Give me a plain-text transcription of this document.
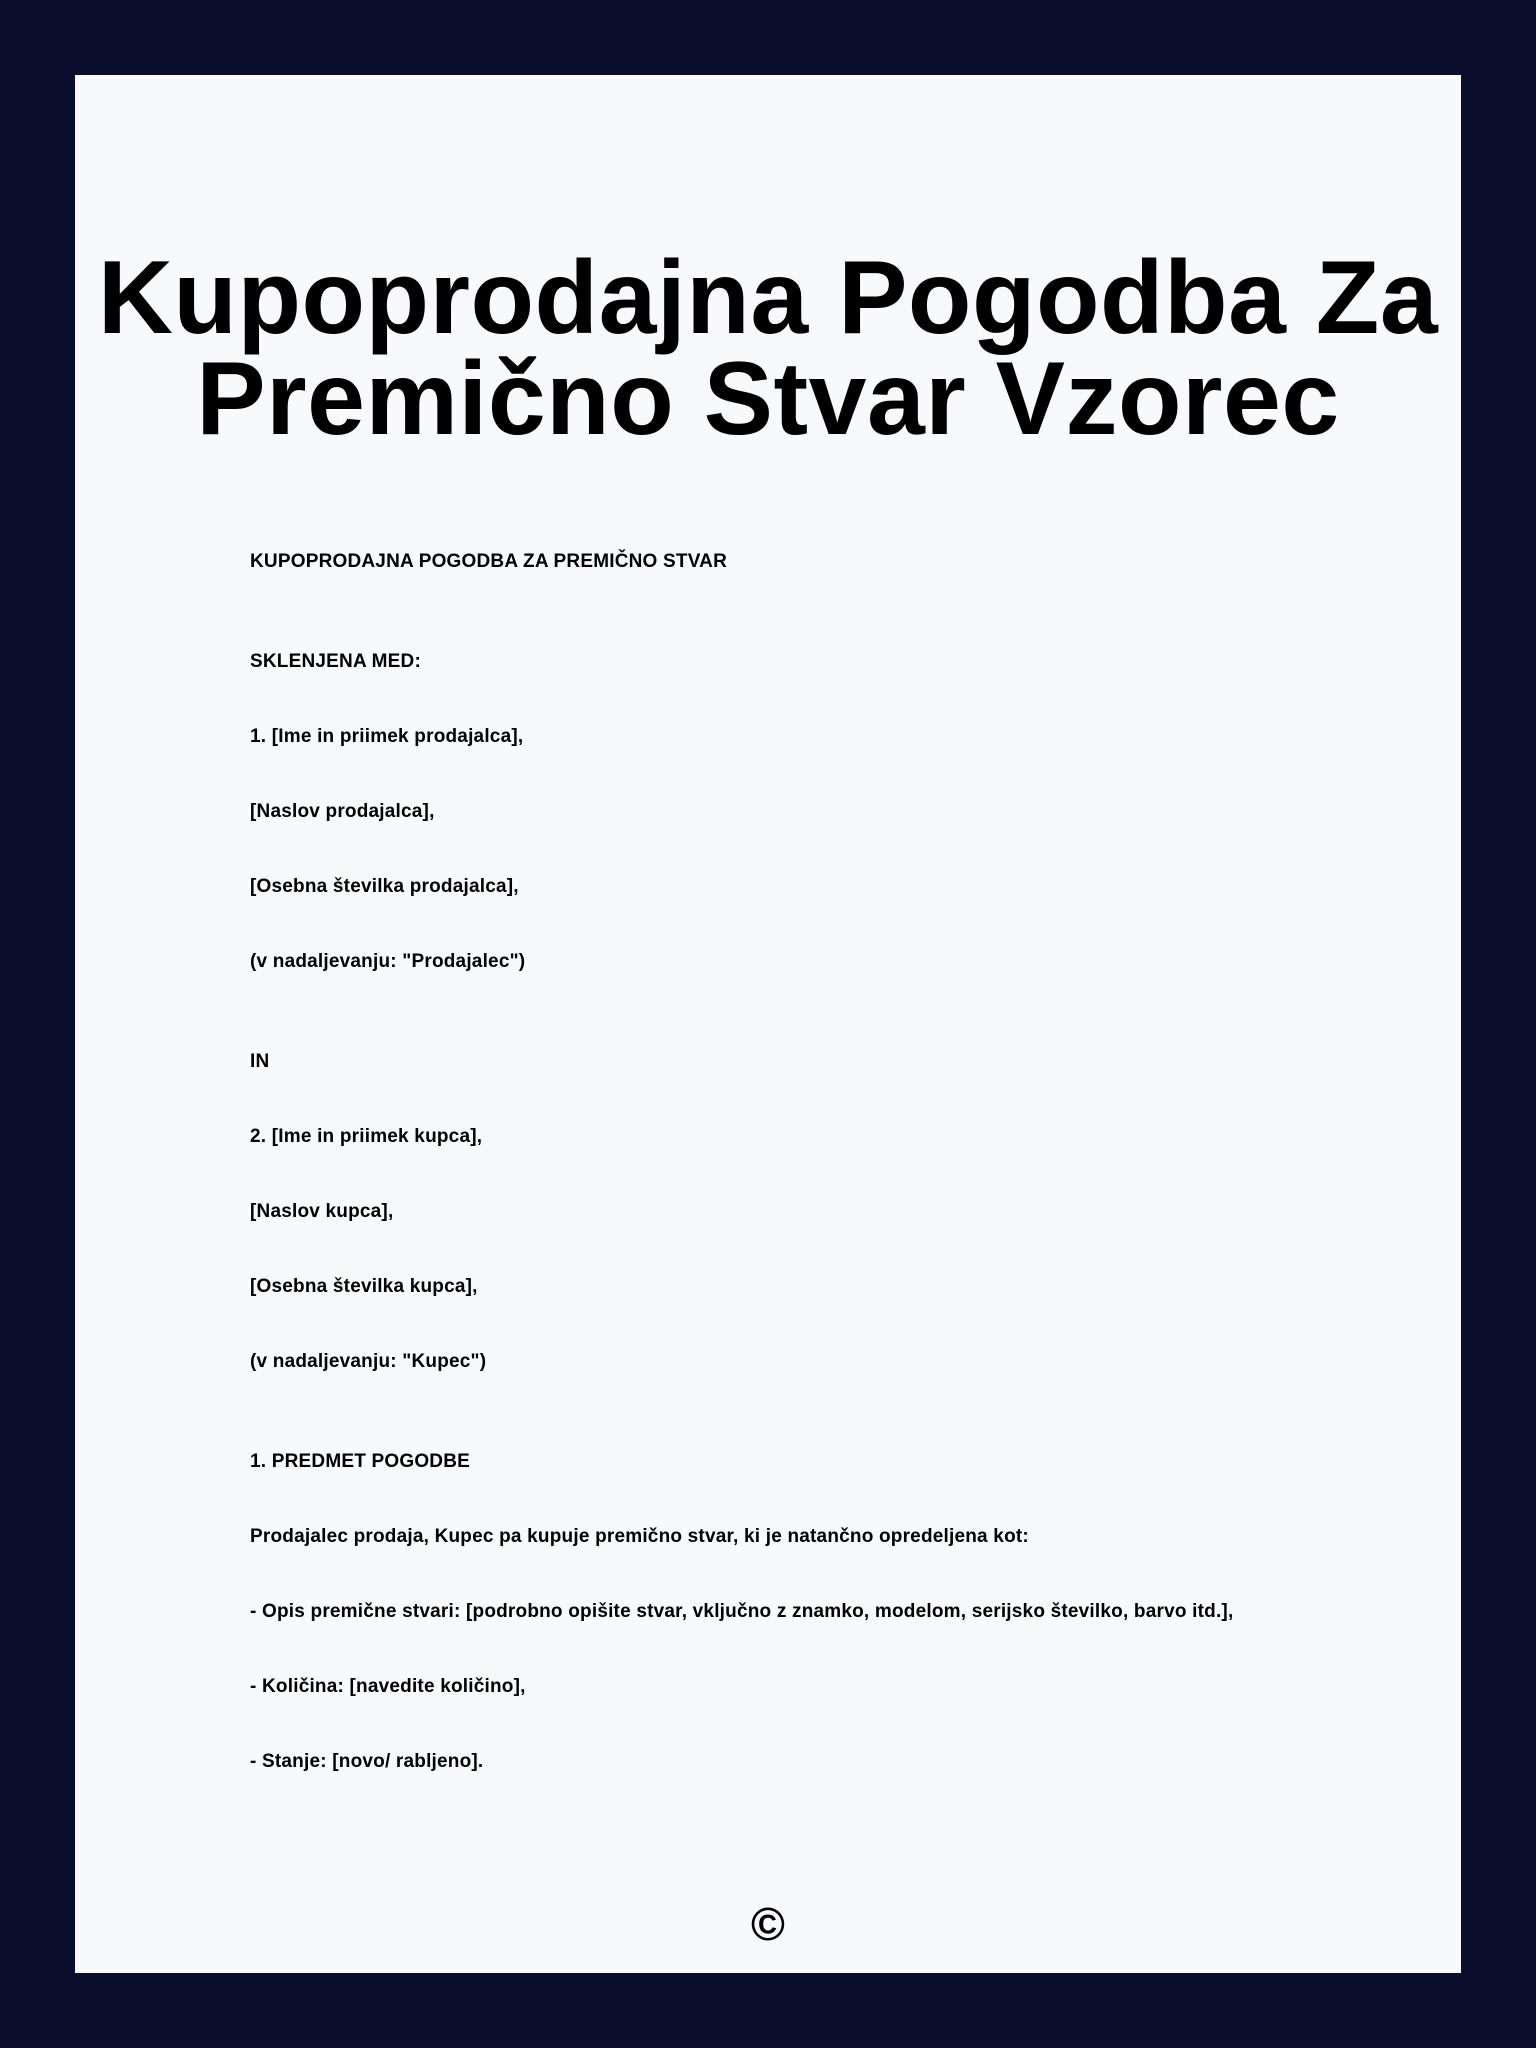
Kupoprodajna Pogodba Za
Premično Stvar Vzorec
KUPOPRODAJNA POGODBA ZA PREMIČNO STVAR
SKLENJENA MED:
1. [Ime in priimek prodajalca],
[Naslov prodajalca],
[Osebna številka prodajalca],
(v nadaljevanju: "Prodajalec")
IN
2. [Ime in priimek kupca],
[Naslov kupca],
[Osebna številka kupca],
(v nadaljevanju: "Kupec")
1. PREDMET POGODBE
Prodajalec prodaja, Kupec pa kupuje premično stvar, ki je natančno opredeljena kot:
- Opis premične stvari: [podrobno opišite stvar, vključno z znamko, modelom, serijsko številko, barvo itd.],
- Količina: [navedite količino],
- Stanje: [novo/ rabljeno].
©
